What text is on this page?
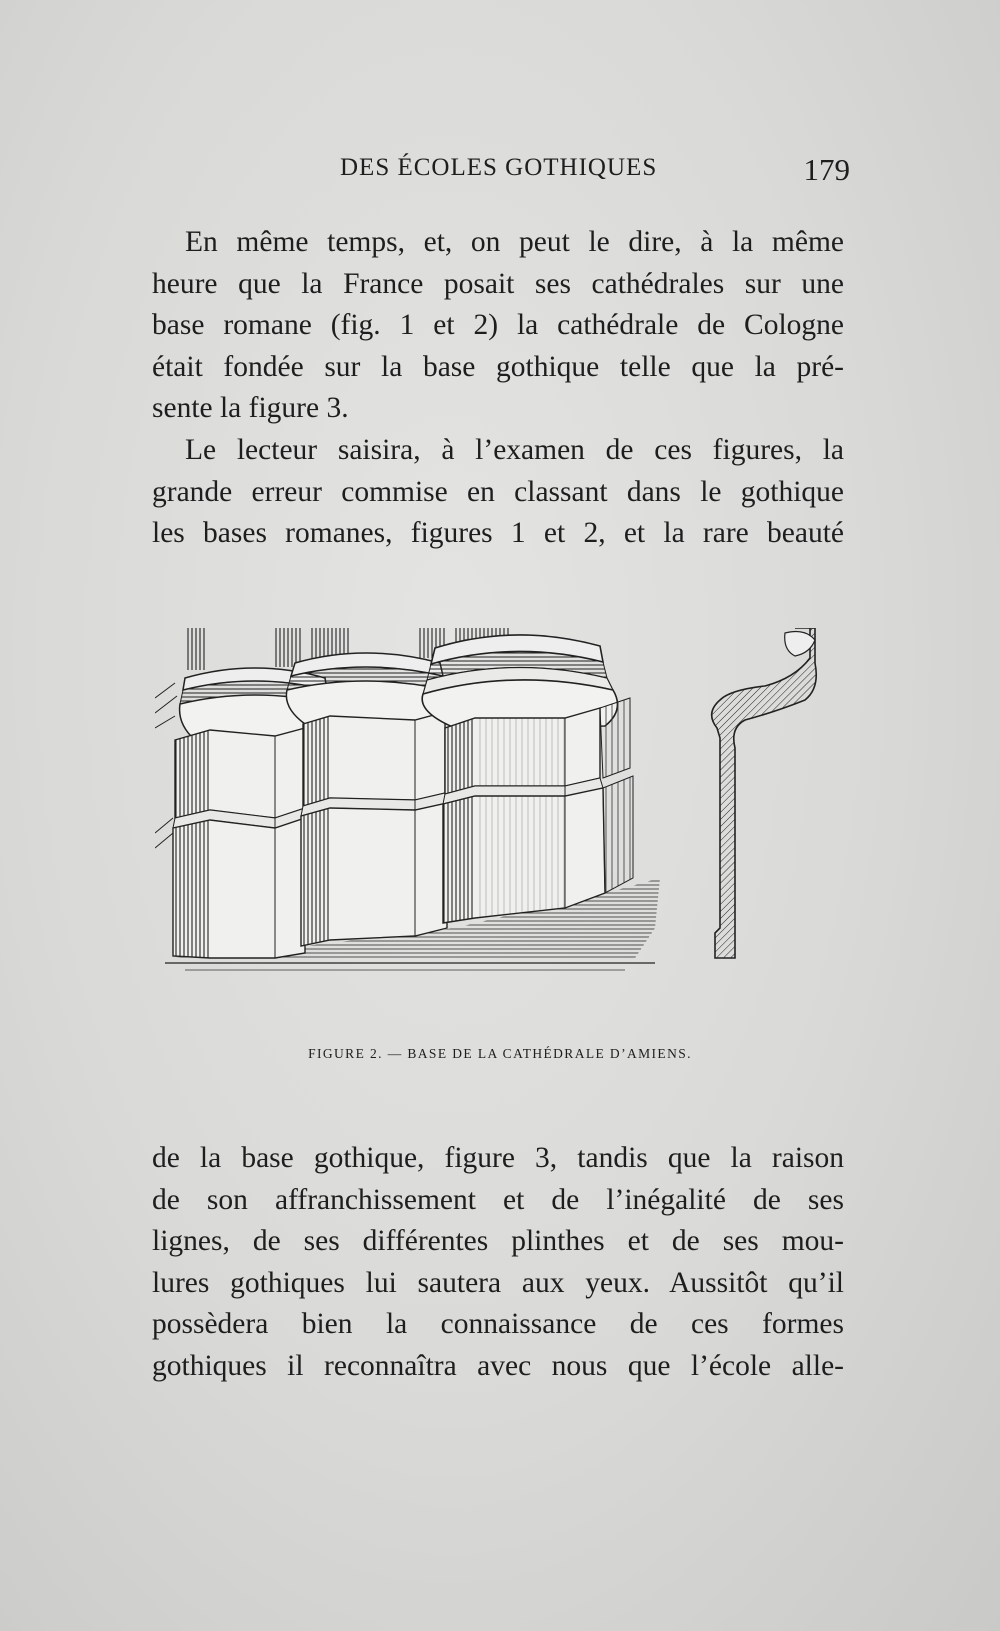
DES ÉCOLES GOTHIQUES	179
En même temps, et, on peut le dire, à la même
heure que la France posait ses cathédrales sur une
base romane (fig. 1 et 2) la cathédrale de Cologne
était fondée sur la base gothique telle que la pré-
sente la figure 3.
Le lecteur saisira, à l’examen de ces figures, la
grande erreur commise en classant dans le gothique
les bases romanes, figures 1 et 2, et la rare beauté
FIGURE 2. — BASE DE LA CATHÉDRALE D’AMIENS.
de la base gothique, figure 3, tandis que la raison
de son affranchissement et de l’inégalité de ses
lignes, de ses différentes plinthes et de ses mou-
lures gothiques lui sautera aux yeux. Aussitôt qu’il
possèdera bien la connaissance de ces formes
gothiques il reconnaîtra avec nous que l’école alle-
